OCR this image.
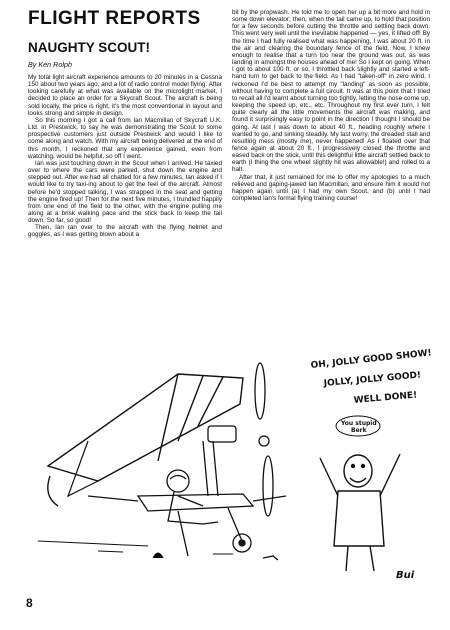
FLIGHT REPORTS
NAUGHTY SCOUT!
By Ken Rolph

My total light aircraft experience amounts to 20 minutes in a Cessna 150 about two years ago, and a lot of radio control model flying. After looking carefully at what was available on the microlight market, I decided to place an order for a Skycraft Scout. The aircraft is being sold locally, the price is right, it's the most conventional in layout and looks strong and simple in design.

So this morning I got a call from Ian Macmillan of Skycraft U.K. Ltd. in Prestwick, to say he was demonstrating the Scout to some prospective customers just outside Prestwick and would I like to come along and watch. With my aircraft being delivered at the end of this month, I reckoned that any experience gained, even from watching, would be helpful, so off I went.

Ian was just touching down in the Scout when I arrived. He taxied over to where the cars were parked, shut down the engine and stepped out. After we had all chatted for a few minutes, Ian asked if I would like to try taxi-ing about to get the feel of the aircraft. Almost before he'd stopped talking, I was strapped in the seat and getting the engine fired up! Then for the next five minutes, I trundled happily from one end of the field to the other, with the engine pulling me along at a brisk walking pace and the stick back to keep the tail down. So far, so good!

Then, Ian ran over to the aircraft with the flying helmet and goggles, as I was getting blown about a

bit by the propwash. He told me to open her up a bit more and hold in some down elevator; then, when the tail came up, to hold that position for a few seconds before cutting the throttle and settling back down. This went very well until the inevitable happened — yes, it lifted off! By the time I had fully realised what was happening, I was about 20 ft. in the air and clearing the boundary fence of the field. Now, I knew enough to realise that a turn too near the ground was out, as was landing in amongst the houses ahead of me! So I kept on going. When I got to about 100 ft. or so, I throttled back slightly and started a left-hand turn to get back to the field. As I had "taken-off" in zero wind, I reckoned I'd be best to attempt my "landing" as soon as possible, without having to complete a full circuit. It was at this point that I tried to recall all I'd learnt about turning too tightly, letting the nose come up, keeping the speed up, etc., etc. Throughout my first ever turn, I felt quite clearly all the little movements the aircraft was making, and found it surprisingly easy to point in the direction I thought I should be going. At last I was down to about 40 ft., heading roughly where I wanted to go, and sinking steadily. My last worry, the dreaded stall and resulting mess (mostly me), never happened! As I floated over that fence again at about 20 ft., I progressively closed the throttle and eased back on the stick, until this delightful little aircraft settled back to earth (I thing the one wheel slightly hit was allowable!) and rolled to a halt.

After that, it just remained for me to offer my apologies to a much relieved and gaping-jawed Ian Macmillan, and ensure him it would not happen again until (a) I had my own Scout, and (b) until I had completed Ian's formal flying training course!

OH, JOLLY GOOD SHOW!
JOLLY, JOLLY GOOD!
WELL DONE!
You stupid
Berk
Bui
8
